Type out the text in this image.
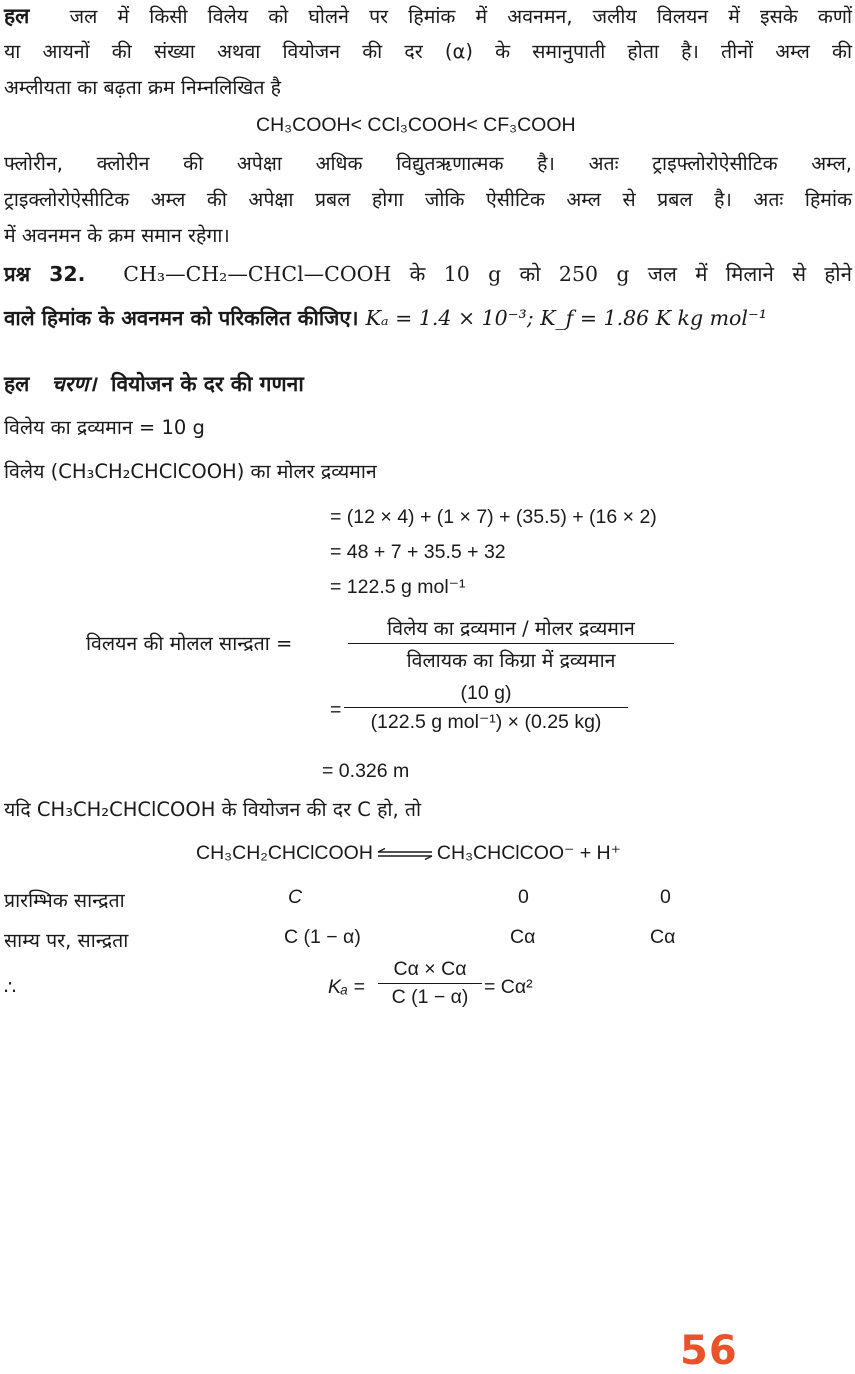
हल जल में किसी विलेय को घोलने पर हिमांक में अवनमन, जलीय विलयन में इसके कणों
या आयनों की संख्या अथवा वियोजन की दर (α) के समानुपाती होता है। तीनों अम्ल की
अम्लीयता का बढ़ता क्रम निम्नलिखित है
CH₃COOH< CCl₃COOH< CF₃COOH
फ्लोरीन, क्लोरीन की अपेक्षा अधिक विद्युतऋणात्मक है। अतः ट्राइफ्लोरोऐसीटिक अम्ल,
ट्राइक्लोरोऐसीटिक अम्ल की अपेक्षा प्रबल होगा जोकि ऐसीटिक अम्ल से प्रबल है। अतः हिमांक
में अवनमन के क्रम समान रहेगा।
प्रश्न 32. CH₃—CH₂—CHCl—COOH के 10 g को 250 g जल में मिलाने से होने
वाले हिमांक के अवनमन को परिकलित कीजिए। Kₐ = 1.4 × 10⁻³; K_f = 1.86 K kg mol⁻¹
हल चरण। वियोजन के दर की गणना
विलेय का द्रव्यमान = 10 g
विलेय (CH₃CH₂CHClCOOH) का मोलर द्रव्यमान
= (12 × 4) + (1 × 7) + (35.5) + (16 × 2)
= 48 + 7 + 35.5 + 32
= 122.5 g mol⁻¹
विलयन की मोलल सान्द्रता =
विलेय का द्रव्यमान / मोलर द्रव्यमान
विलायक का किग्रा में द्रव्यमान
=
(10 g)
(122.5 g mol⁻¹) × (0.25 kg)
= 0.326 m
यदि CH₃CH₂CHClCOOH के वियोजन की दर C हो, तो
CH₃CH₂CHClCOOH ⇌ CH₃CHClCOO⁻ + H⁺
प्रारम्भिक सान्द्रता	C	0	0
साम्य पर, सान्द्रता	C (1 − α)	Cα	Cα
∴	Kₐ =
Cα × Cα
C (1 − α) = Cα²
56
